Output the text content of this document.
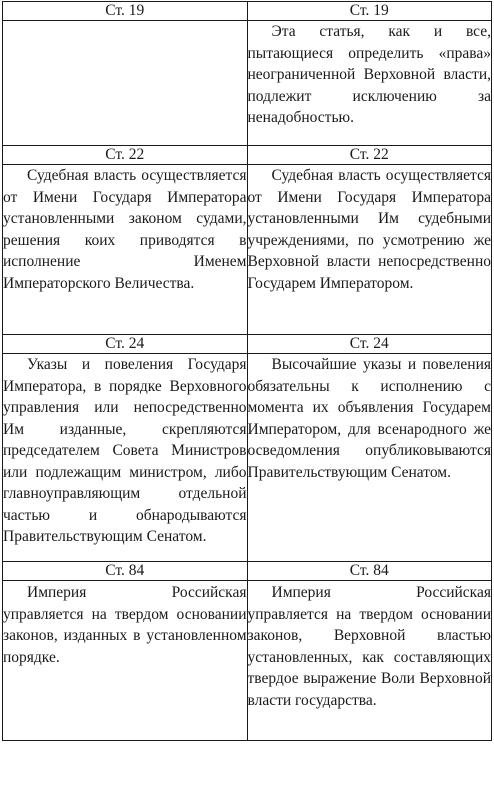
Ст. 19	Ст. 19

	Эта статья, как и все, пытающиеся определить «права» неограниченной Верховной власти, подлежит исключению за ненадобностью.

Ст. 22	Ст. 22

Судебная власть осуществляется от Имени Государя Императора установленными законом судами, решения коих приводятся в исполнение Именем Императорского Величества.	Судебная власть осуществляется от Имени Государя Императора установленными Им судебными учреждениями, по усмотрению же Верховной власти непосредственно Государем Императором.

Ст. 24	Ст. 24

Указы и повеления Государя Императора, в порядке Верховного управления или непосредственно Им изданные, скрепляются председателем Совета Министров или подлежащим министром, либо главноуправляющим отдельной частью и обнародываются Правительствующим Сенатом.	Высочайшие указы и повеления обязательны к исполнению с момента их объявления Государем Императором, для всенародного же осведомления опубликовываются Правительствующим Сенатом.

Ст. 84	Ст. 84

Империя Российская управляется на твердом основании законов, изданных в установленном порядке.	Империя Российская управляется на твердом основании законов, Верховной властью установленных, как составляющих твердое выражение Воли Верховной власти государства.
